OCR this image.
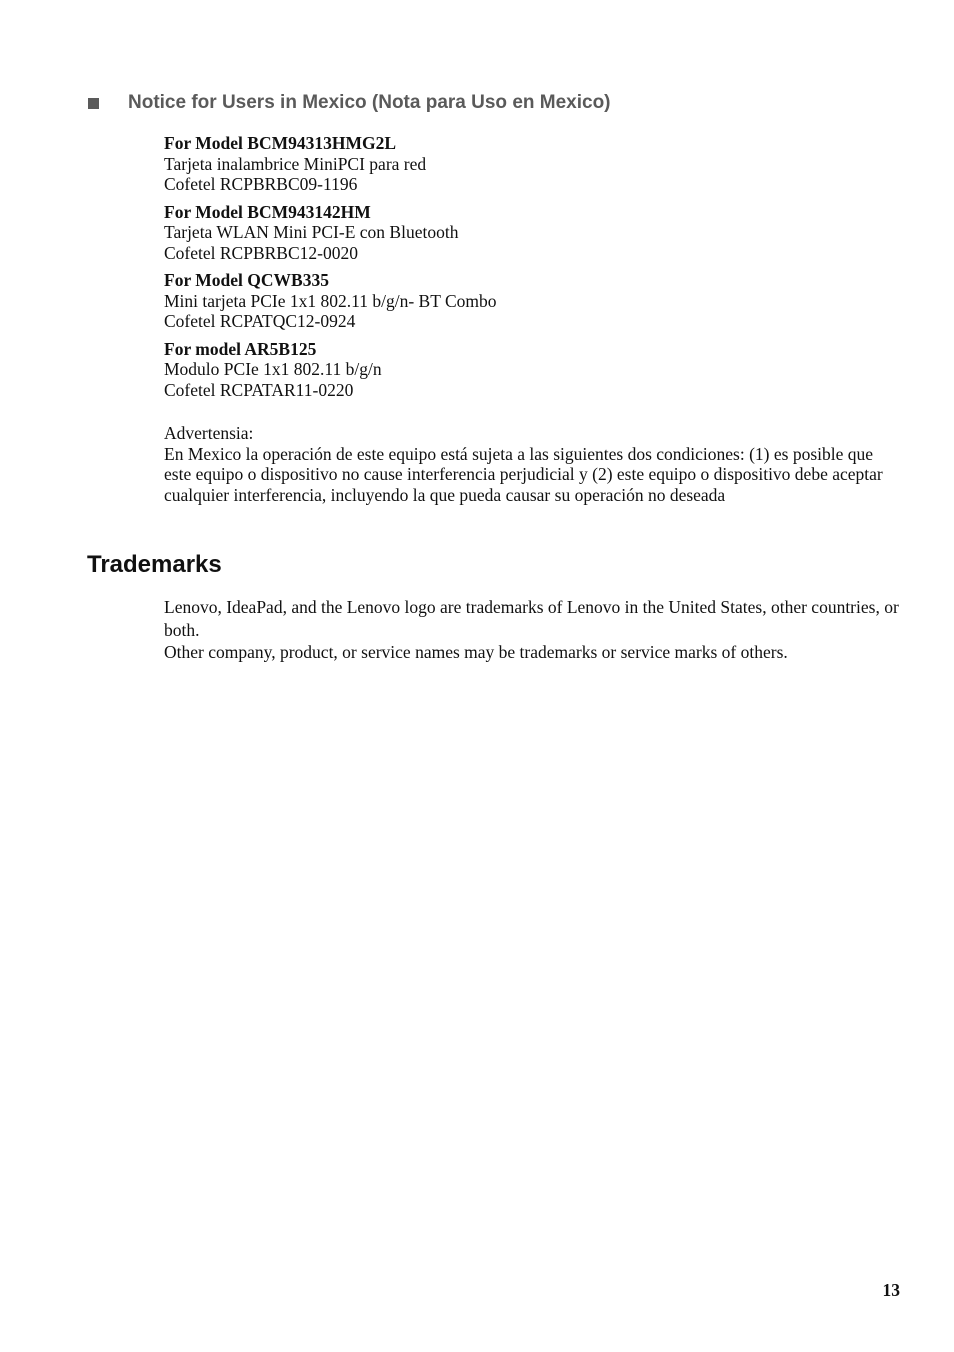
Notice for Users in Mexico (Nota para Uso en Mexico)
For Model BCM94313HMG2L
Tarjeta inalambrice MiniPCI para red
Cofetel RCPBRBC09-1196
For Model BCM943142HM
Tarjeta WLAN Mini PCI-E con Bluetooth
Cofetel RCPBRBC12-0020
For Model QCWB335
Mini tarjeta PCIe 1x1 802.11 b/g/n- BT Combo
Cofetel RCPATQC12-0924
For model AR5B125
Modulo PCIe 1x1 802.11 b/g/n
Cofetel RCPATAR11-0220
Advertensia:
En Mexico la operación de este equipo está sujeta a las siguientes dos condiciones: (1) es posible que este equipo o dispositivo no cause interferencia perjudicial y (2) este equipo o dispositivo debe aceptar cualquier interferencia, incluyendo la que pueda causar su operación no deseada
Trademarks
Lenovo, IdeaPad, and the Lenovo logo are trademarks of Lenovo in the United States, other countries, or both.
Other company, product, or service names may be trademarks or service marks of others.
13
